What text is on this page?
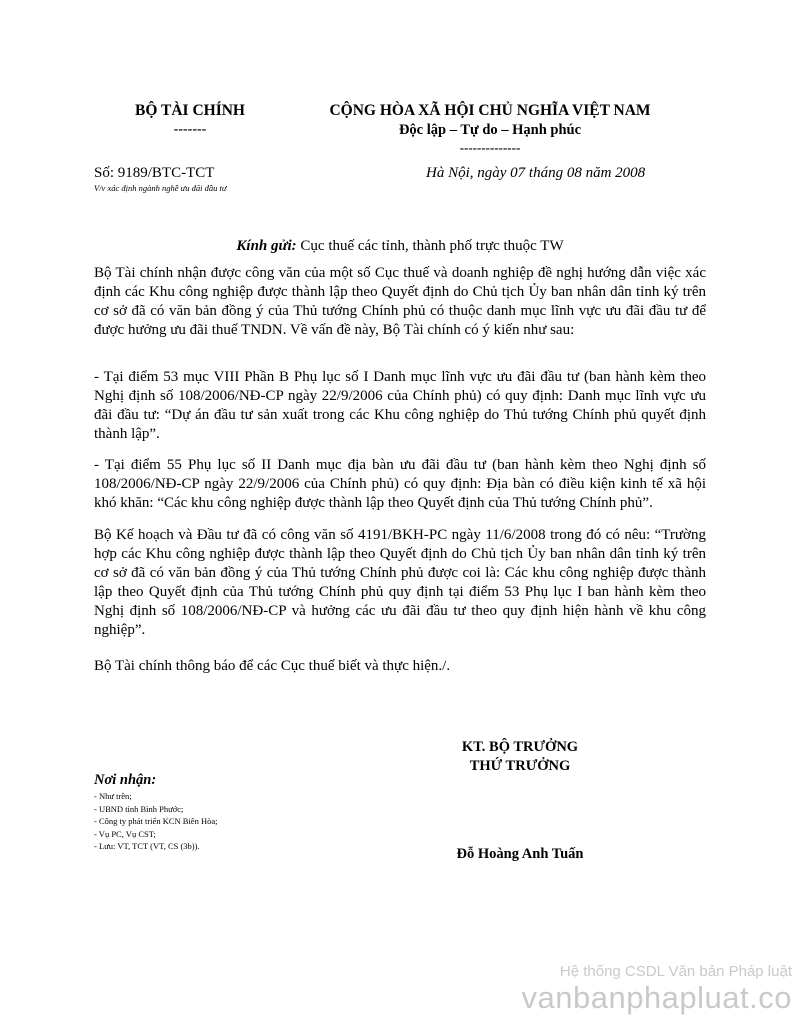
BỘ TÀI CHÍNH
-------
CỘNG HÒA XÃ HỘI CHỦ NGHĨA VIỆT NAM
Độc lập – Tự do – Hạnh phúc
--------------
Số: 9189/BTC-TCT
V/v xác định ngành nghề ưu đãi đầu tư
Hà Nội, ngày 07 tháng 08 năm 2008
Kính gửi: Cục thuế các tỉnh, thành phố trực thuộc TW
Bộ Tài chính nhận được công văn của một số Cục thuế và doanh nghiệp đề nghị hướng dẫn việc xác định các Khu công nghiệp được thành lập theo Quyết định do Chủ tịch Ủy ban nhân dân tỉnh ký trên cơ sở đã có văn bản đồng ý của Thủ tướng Chính phủ có thuộc danh mục lĩnh vực ưu đãi đầu tư để được hưởng ưu đãi thuế TNDN. Về vấn đề này, Bộ Tài chính có ý kiến như sau:
- Tại điểm 53 mục VIII Phần B Phụ lục số I Danh mục lĩnh vực ưu đãi đầu tư (ban hành kèm theo Nghị định số 108/2006/NĐ-CP ngày 22/9/2006 của Chính phủ) có quy định: Danh mục lĩnh vực ưu đãi đầu tư: “Dự án đầu tư sản xuất trong các Khu công nghiệp do Thủ tướng Chính phủ quyết định thành lập”.
- Tại điểm 55 Phụ lục số II Danh mục địa bàn ưu đãi đầu tư (ban hành kèm theo Nghị định số 108/2006/NĐ-CP ngày 22/9/2006 của Chính phủ) có quy định: Địa bàn có điều kiện kinh tế xã hội khó khăn: “Các khu công nghiệp được thành lập theo Quyết định của Thủ tướng Chính phủ”.
Bộ Kế hoạch và Đầu tư đã có công văn số 4191/BKH-PC ngày 11/6/2008 trong đó có nêu: “Trường hợp các Khu công nghiệp được thành lập theo Quyết định do Chủ tịch Ủy ban nhân dân tỉnh ký trên cơ sở đã có văn bản đồng ý của Thủ tướng Chính phủ được coi là: Các khu công nghiệp được thành lập theo Quyết định của Thủ tướng Chính phủ quy định tại điểm 53 Phụ lục I ban hành kèm theo Nghị định số 108/2006/NĐ-CP và hưởng các ưu đãi đầu tư theo quy định hiện hành về khu công nghiệp”.
Bộ Tài chính thông báo để các Cục thuế biết và thực hiện./.
KT. BỘ TRƯỞNG
THỨ TRƯỞNG
Đỗ Hoàng Anh Tuấn
Nơi nhận:
- Như trên;
- UBND tỉnh Bình Phước;
- Công ty phát triển KCN Biên Hòa;
- Vụ PC, Vụ CST;
- Lưu: VT, TCT (VT, CS (3b)).
Hệ thống CSDL Văn bản Pháp luật
vanbanphapluat.co
